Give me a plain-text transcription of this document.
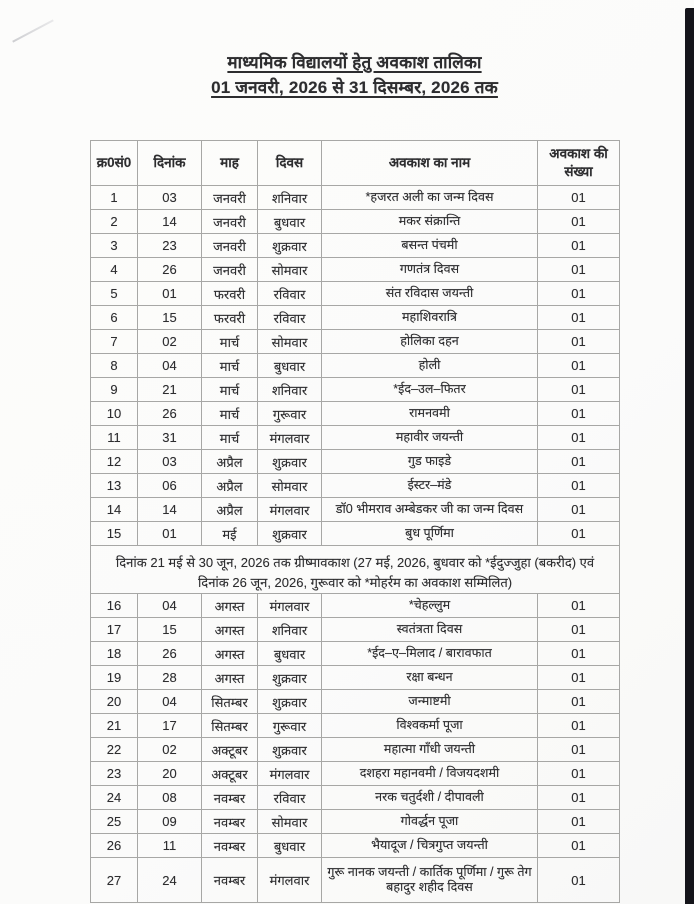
माध्यमिक विद्यालयों हेतु अवकाश तालिका
01 जनवरी, 2026 से 31 दिसम्बर, 2026 तक
क्र0सं0	दिनांक	माह	दिवस	अवकाश का नाम	अवकाश की संख्या
1	03	जनवरी	शनिवार	*हजरत अली का जन्म दिवस	01
2	14	जनवरी	बुधवार	मकर संक्रान्ति	01
3	23	जनवरी	शुक्रवार	बसन्त पंचमी	01
4	26	जनवरी	सोमवार	गणतंत्र दिवस	01
5	01	फरवरी	रविवार	संत रविदास जयन्ती	01
6	15	फरवरी	रविवार	महाशिवरात्रि	01
7	02	मार्च	सोमवार	होलिका दहन	01
8	04	मार्च	बुधवार	होली	01
9	21	मार्च	शनिवार	*ईद–उल–फितर	01
10	26	मार्च	गुरूवार	रामनवमी	01
11	31	मार्च	मंगलवार	महावीर जयन्ती	01
12	03	अप्रैल	शुक्रवार	गुड फाइडे	01
13	06	अप्रैल	सोमवार	ईस्टर–मंडे	01
14	14	अप्रैल	मंगलवार	डॉ0 भीमराव अम्बेडकर जी का जन्म दिवस	01
15	01	मई	शुक्रवार	बुध पूर्णिमा	01

दिनांक 21 मई से 30 जून, 2026 तक ग्रीष्मावकाश (27 मई, 2026, बुधवार को *ईदुज्जुहा (बकरीद) एवं
दिनांक 26 जून, 2026, गुरूवार को *मोहर्रम का अवकाश सम्मिलित)					

16	04	अगस्त	मंगलवार	*चेहल्लुम	01
17	15	अगस्त	शनिवार	स्वतंत्रता दिवस	01
18	26	अगस्त	बुधवार	*ईद–ए–मिलाद / बारावफात	01
19	28	अगस्त	शुक्रवार	रक्षा बन्धन	01
20	04	सितम्बर	शुक्रवार	जन्माष्टमी	01
21	17	सितम्बर	गुरूवार	विश्वकर्मा पूजा	01
22	02	अक्टूबर	शुक्रवार	महात्मा गाँधी जयन्ती	01
23	20	अक्टूबर	मंगलवार	दशहरा महानवमी / विजयदशमी	01
24	08	नवम्बर	रविवार	नरक चतुर्दशी / दीपावली	01
25	09	नवम्बर	सोमवार	गोवर्द्धन पूजा	01
26	11	नवम्बर	बुधवार	भैयादूज / चित्रगुप्त जयन्ती	01
27	24	नवम्बर	मंगलवार	गुरू नानक जयन्ती / कार्तिक पूर्णिमा / गुरू तेग बहादुर शहीद दिवस	01
